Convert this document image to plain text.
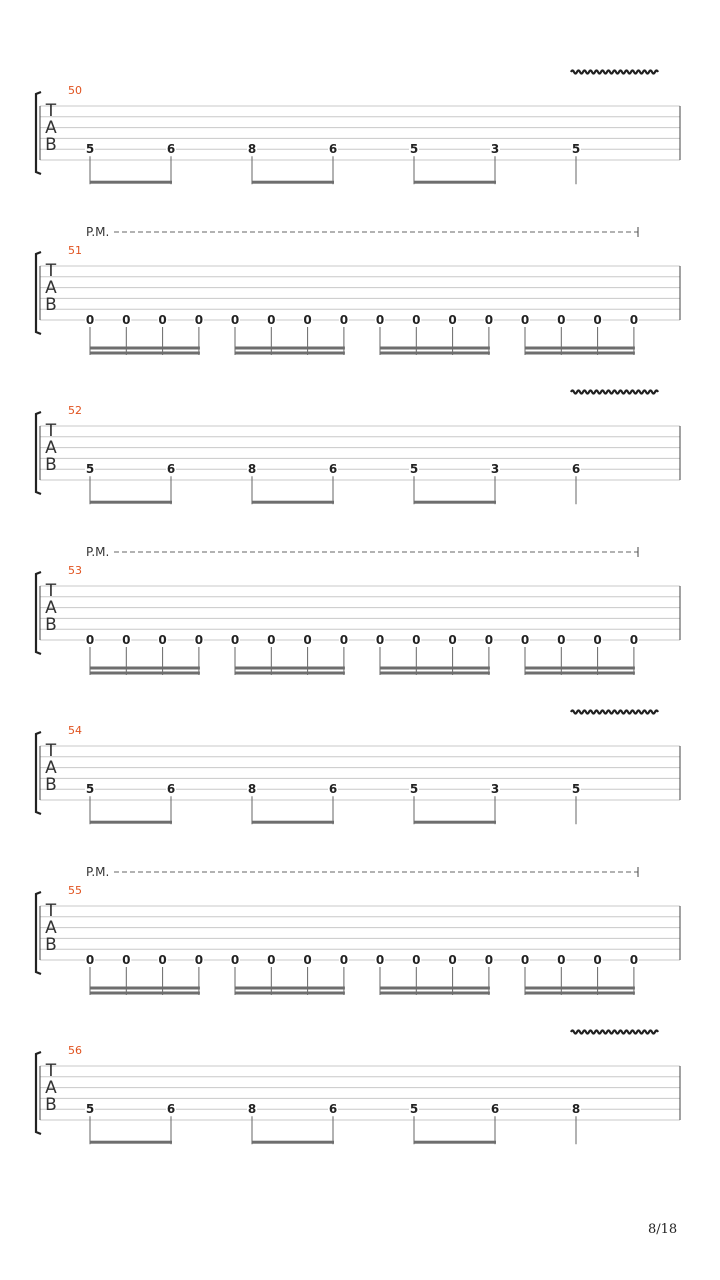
T
A
B
50
5	6	8	6	5	3	5
T
A
B
51
P.M.
0 0 0 0 0 0 0 0 0 0 0 0 0 0 0 0
T
A
B
52
5	6	8	6	5	3	6
T
A
B
53
P.M.
0 0 0 0 0 0 0 0 0 0 0 0 0 0 0 0
T
A
B
54
5	6	8	6	5	3	5
T
A
B
55
P.M.
0 0 0 0 0 0 0 0 0 0 0 0 0 0 0 0
T
A
B
56
5	6	8	6	5	6	8
8/18
